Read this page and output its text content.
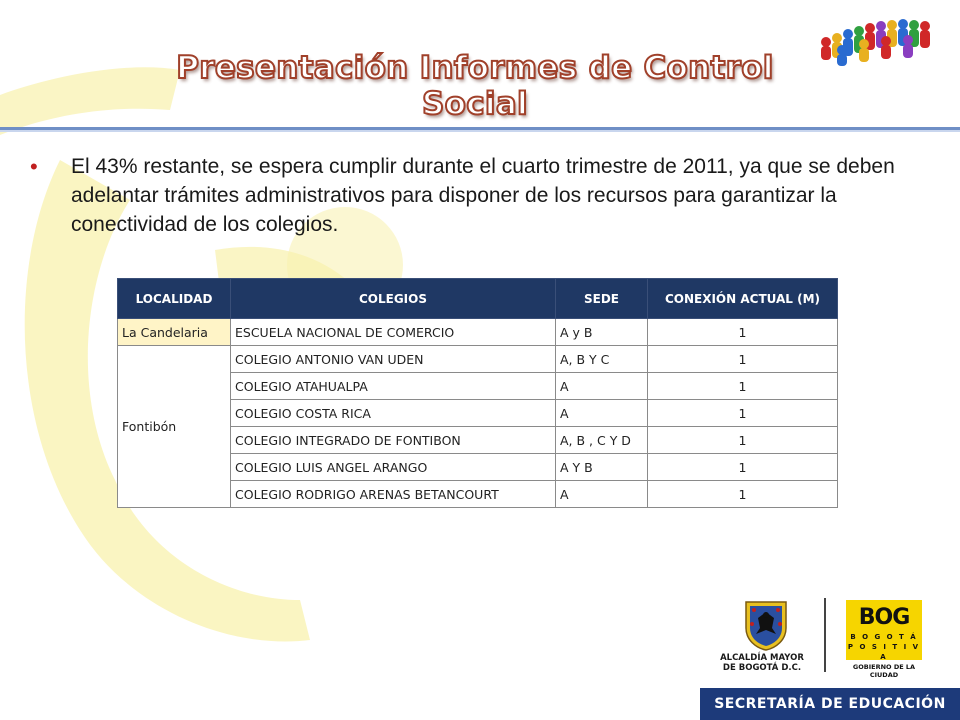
Presentación Informes de Control Social
• El 43% restante, se espera cumplir durante el cuarto trimestre de 2011, ya que se deben adelantar trámites administrativos para disponer de los recursos para garantizar la conectividad de los colegios.

LOCALIDAD	COLEGIOS	SEDE	CONEXIÓN ACTUAL (M)
La Candelaria	ESCUELA NACIONAL DE COMERCIO	A y B	1
Fontibón	COLEGIO ANTONIO VAN UDEN	A, B Y C	1
	COLEGIO ATAHUALPA	A	1
	COLEGIO COSTA RICA	A	1
	COLEGIO INTEGRADO DE FONTIBON	A, B , C Y D	1
	COLEGIO LUIS ANGEL ARANGO	A Y B	1
	COLEGIO RODRIGO ARENAS BETANCOURT	A	1
ALCALDÍA MAYOR
DE BOGOTÁ D.C.
BOG
B O G O T Á
P O S I T I V A
GOBIERNO DE LA CIUDAD
SECRETARÍA DE EDUCACIÓN
